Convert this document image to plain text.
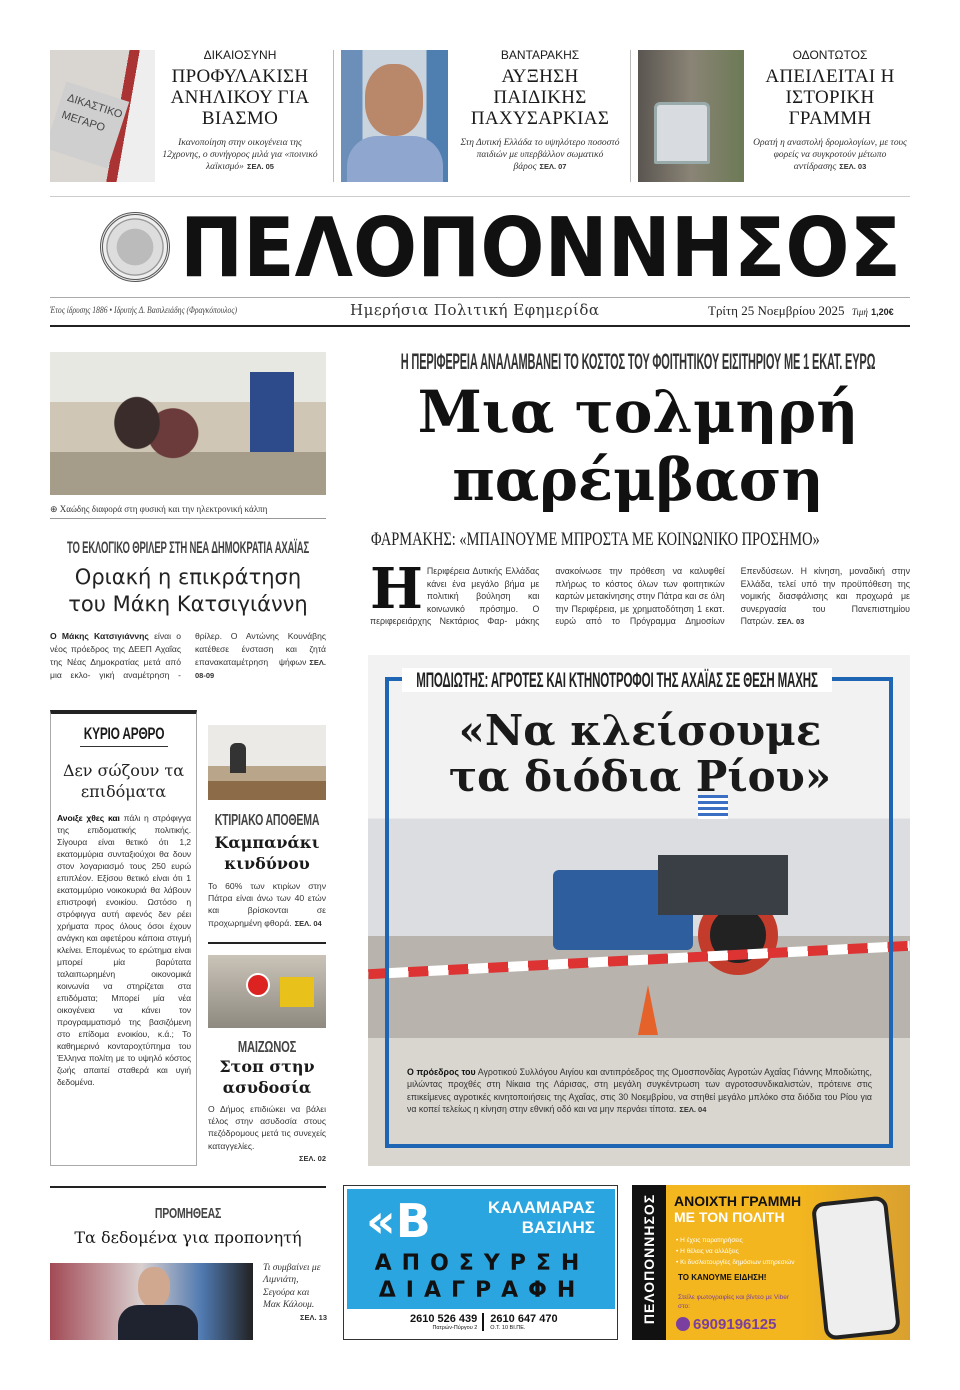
ΔΙΚΑΣΤΙΚΟ ΜΕΓΑΡΟ
ΔΙΚΑΙΟΣΥΝΗ
ΠΡΟΦΥΛΑΚΙΣΗ ΑΝΗΛΙΚΟΥ ΓΙΑ ΒΙΑΣΜΟ
Ικανοποίηση στην οικογένεια της 12χρονης, ο συνήγορος μιλά για «ποινικό λαϊκισμό» ΣΕΛ. 05
ΒΑΝΤΑΡΑΚΗΣ
ΑΥΞΗΣΗ ΠΑΙΔΙΚΗΣ ΠΑΧΥΣΑΡΚΙΑΣ
Στη Δυτική Ελλάδα το υψηλότερο ποσοστό παιδιών με υπερβάλλον σωματικό βάρος ΣΕΛ. 07
ΟΔΟΝΤΩΤΟΣ
ΑΠΕΙΛΕΙΤΑΙ Η ΙΣΤΟΡΙΚΗ ΓΡΑΜΜΗ
Ορατή η αναστολή δρομολογίων, με τους φορείς να συγκροτούν μέτωπο αντίδρασης ΣΕΛ. 03
ΠΕΛΟΠΟΝΝΗΣΟΣ
Έτος ίδρυσης 1886 • Ιδρυτής Δ. Βασιλειάδης (Φραγκόπουλος)	Ημερήσια Πολιτική Εφημερίδα	Τρίτη 25 Νοεμβρίου 2025 Τιμή 1,20€
⊕ Χαώδης διαφορά στη φυσική και την ηλεκτρονική κάλπη
ΤΟ ΕΚΛΟΓΙΚΟ ΘΡΙΛΕΡ ΣΤΗ ΝΕΑ ΔΗΜΟΚΡΑΤΙΑ ΑΧΑΪΑΣ
Οριακή η επικράτηση του Μάκη Κατσιγιάννη
Ο Μάκης Κατσιγιάννης είναι ο νέος πρόεδρος της ΔΕΕΠ Αχαΐας της Νέας Δημοκρατίας μετά από μια εκλο- γική αναμέτρηση - θρίλερ. Ο Αντώνης Κουνάβης κατέθεσε ένσταση και ζητά επανακαταμέτρηση ψήφων ΣΕΛ. 08-09
Η ΠΕΡΙΦΕΡΕΙΑ ΑΝΑΛΑΜΒΑΝΕΙ ΤΟ ΚΟΣΤΟΣ ΤΟΥ ΦΟΙΤΗΤΙΚΟΥ ΕΙΣΙΤΗΡΙΟΥ ΜΕ 1 ΕΚΑΤ. ΕΥΡΩ
Μια τολμηρή
παρέμβαση
ΦΑΡΜΑΚΗΣ: «ΜΠΑΙΝΟΥΜΕ ΜΠΡΟΣΤΑ ΜΕ ΚΟΙΝΩΝΙΚΟ ΠΡΟΣΗΜΟ»
Η Περιφέρεια Δυτικής Ελλάδας κάνει ένα μεγάλο βήμα με πολιτική βούληση και κοινωνικό πρόσημο. Ο περιφερειάρχης Νεκτάριος Φαρ- μάκης ανακοίνωσε την πρόθεση να καλυφθεί πλήρως το κόστος όλων των φοιτητικών καρτών μετακίνησης στην Πάτρα και σε όλη την Περιφέρεια, με χρηματοδότηση 1 εκατ. ευρώ από το Πρόγραμμα Δημοσίων Επενδύσεων. Η κίνηση, μοναδική στην Ελλάδα, τελεί υπό την προϋπόθεση της νομικής διασφάλισης και προχωρά με συνεργασία του Πανεπιστημίου Πατρών. ΣΕΛ. 03
ΜΠΟΔΙΩΤΗΣ: ΑΓΡΟΤΕΣ ΚΑΙ ΚΤΗΝΟΤΡΟΦΟΙ ΤΗΣ ΑΧΑΪΑΣ ΣΕ ΘΕΣΗ ΜΑΧΗΣ
«Να κλείσουμε
τα διόδια Ρίου»
Ο πρόεδρος του Αγροτικού Συλλόγου Αιγίου και αντιπρόεδρος της Ομοσπονδίας Αγροτών Αχαΐας Γιάννης Μποδιώτης, μιλώντας προχθές στη Νίκαια της Λάρισας, στη μεγάλη συγκέντρωση των αγροτοσυνδικαλιστών, πρότεινε στις επικείμενες αγροτικές κινητοποιήσεις της Αχαΐας, στις 30 Νοεμβρίου, να στηθεί μεγάλο μπλόκο στα διόδια του Ρίου για να κοπεί τελείως η κίνηση στην εθνική οδό και να μην περνάει τίποτα. ΣΕΛ. 04
ΚΥΡΙΟ ΑΡΘΡΟ
Δεν σώζουν τα επιδόματα
Ανοιξε χθες και πάλι η στρόφιγγα της επιδοματικής πολιτικής. Σίγουρα είναι θετικό ότι 1,2 εκατομμύρια συνταξιούχοι θα δουν στον λογαριασμό τους 250 ευρώ επιπλέον. Εξίσου θετικό είναι ότι 1 εκατομμύριο νοικοκυριά θα λάβουν επιστροφή ενοικίου. Ωστόσο η στρόφιγγα αυτή αφενός δεν ρέει χρήματα προς όλους όσοι έχουν ανάγκη και αφετέρου κάποια στιγμή κλείνει. Επομένως το ερώτημα είναι μπορεί μία βαρύτατα ταλαιπωρημένη οικονομικά κοινωνία να στηρίζεται στα επιδόματα; Μπορεί μία νέα οικογένεια να κάνει τον προγραμματισμό της βασιζόμενη στο επίδομα ενοικίου, κ.ά.; Το καθημερινό κονταροχτύπημα του Έλληνα πολίτη με το υψηλό κόστος ζωής απαιτεί σταθερά και υγιή δεδομένα.
ΚΤΙΡΙΑΚΟ ΑΠΟΘΕΜΑ
Καμπανάκι κινδύνου
Το 60% των κτιρίων στην Πάτρα είναι άνω των 40 ετών και βρίσκονται σε προχωρημένη φθορά. ΣΕΛ. 04
ΜΑΙΖΩΝΟΣ
Στοπ στην ασυδοσία
Ο Δήμος επιδιώκει να βάλει τέλος στην ασυδοσία στους πεζόδρομους μετά τις συνεχείς καταγγελίες.
ΣΕΛ. 02
ΠΡΟΜΗΘΕΑΣ
Τα δεδομένα για προπονητή
Τι συμβαίνει με Λιμνιάτη, Σεγούρα και Μακ Κάλουμ.
ΣΕΛ. 13
«B	ΚΑΛΑΜΑΡΑΣ
ΒΑΣΙΛΗΣ
ΑΠΟΣΥΡΣΗ
ΔΙΑΓΡΑΦΗ
2610 526 439
Πατρών-Πύργου 2
2610 647 470
Ο.Τ. 10 ΒΙ.ΠΕ.
ΠΕΛΟΠΟΝΝΗΣΟΣ ΑΝΟΙΧΤΗ ΓΡΑΜΜΗ
ΜΕ ΤΟΝ ΠΟΛΙΤΗ
• Η έχεις παρατηρήσεις
• Η θέλεις να αλλάξεις
• Κι δυσλειτουργίες δημόσιων υπηρεσιών
ΤΟ ΚΑΝΟΥΜΕ ΕΙΔΗΣΗ!
Στείλε φωτογραφίες και βίντεο με Viber στο:
6909196125
